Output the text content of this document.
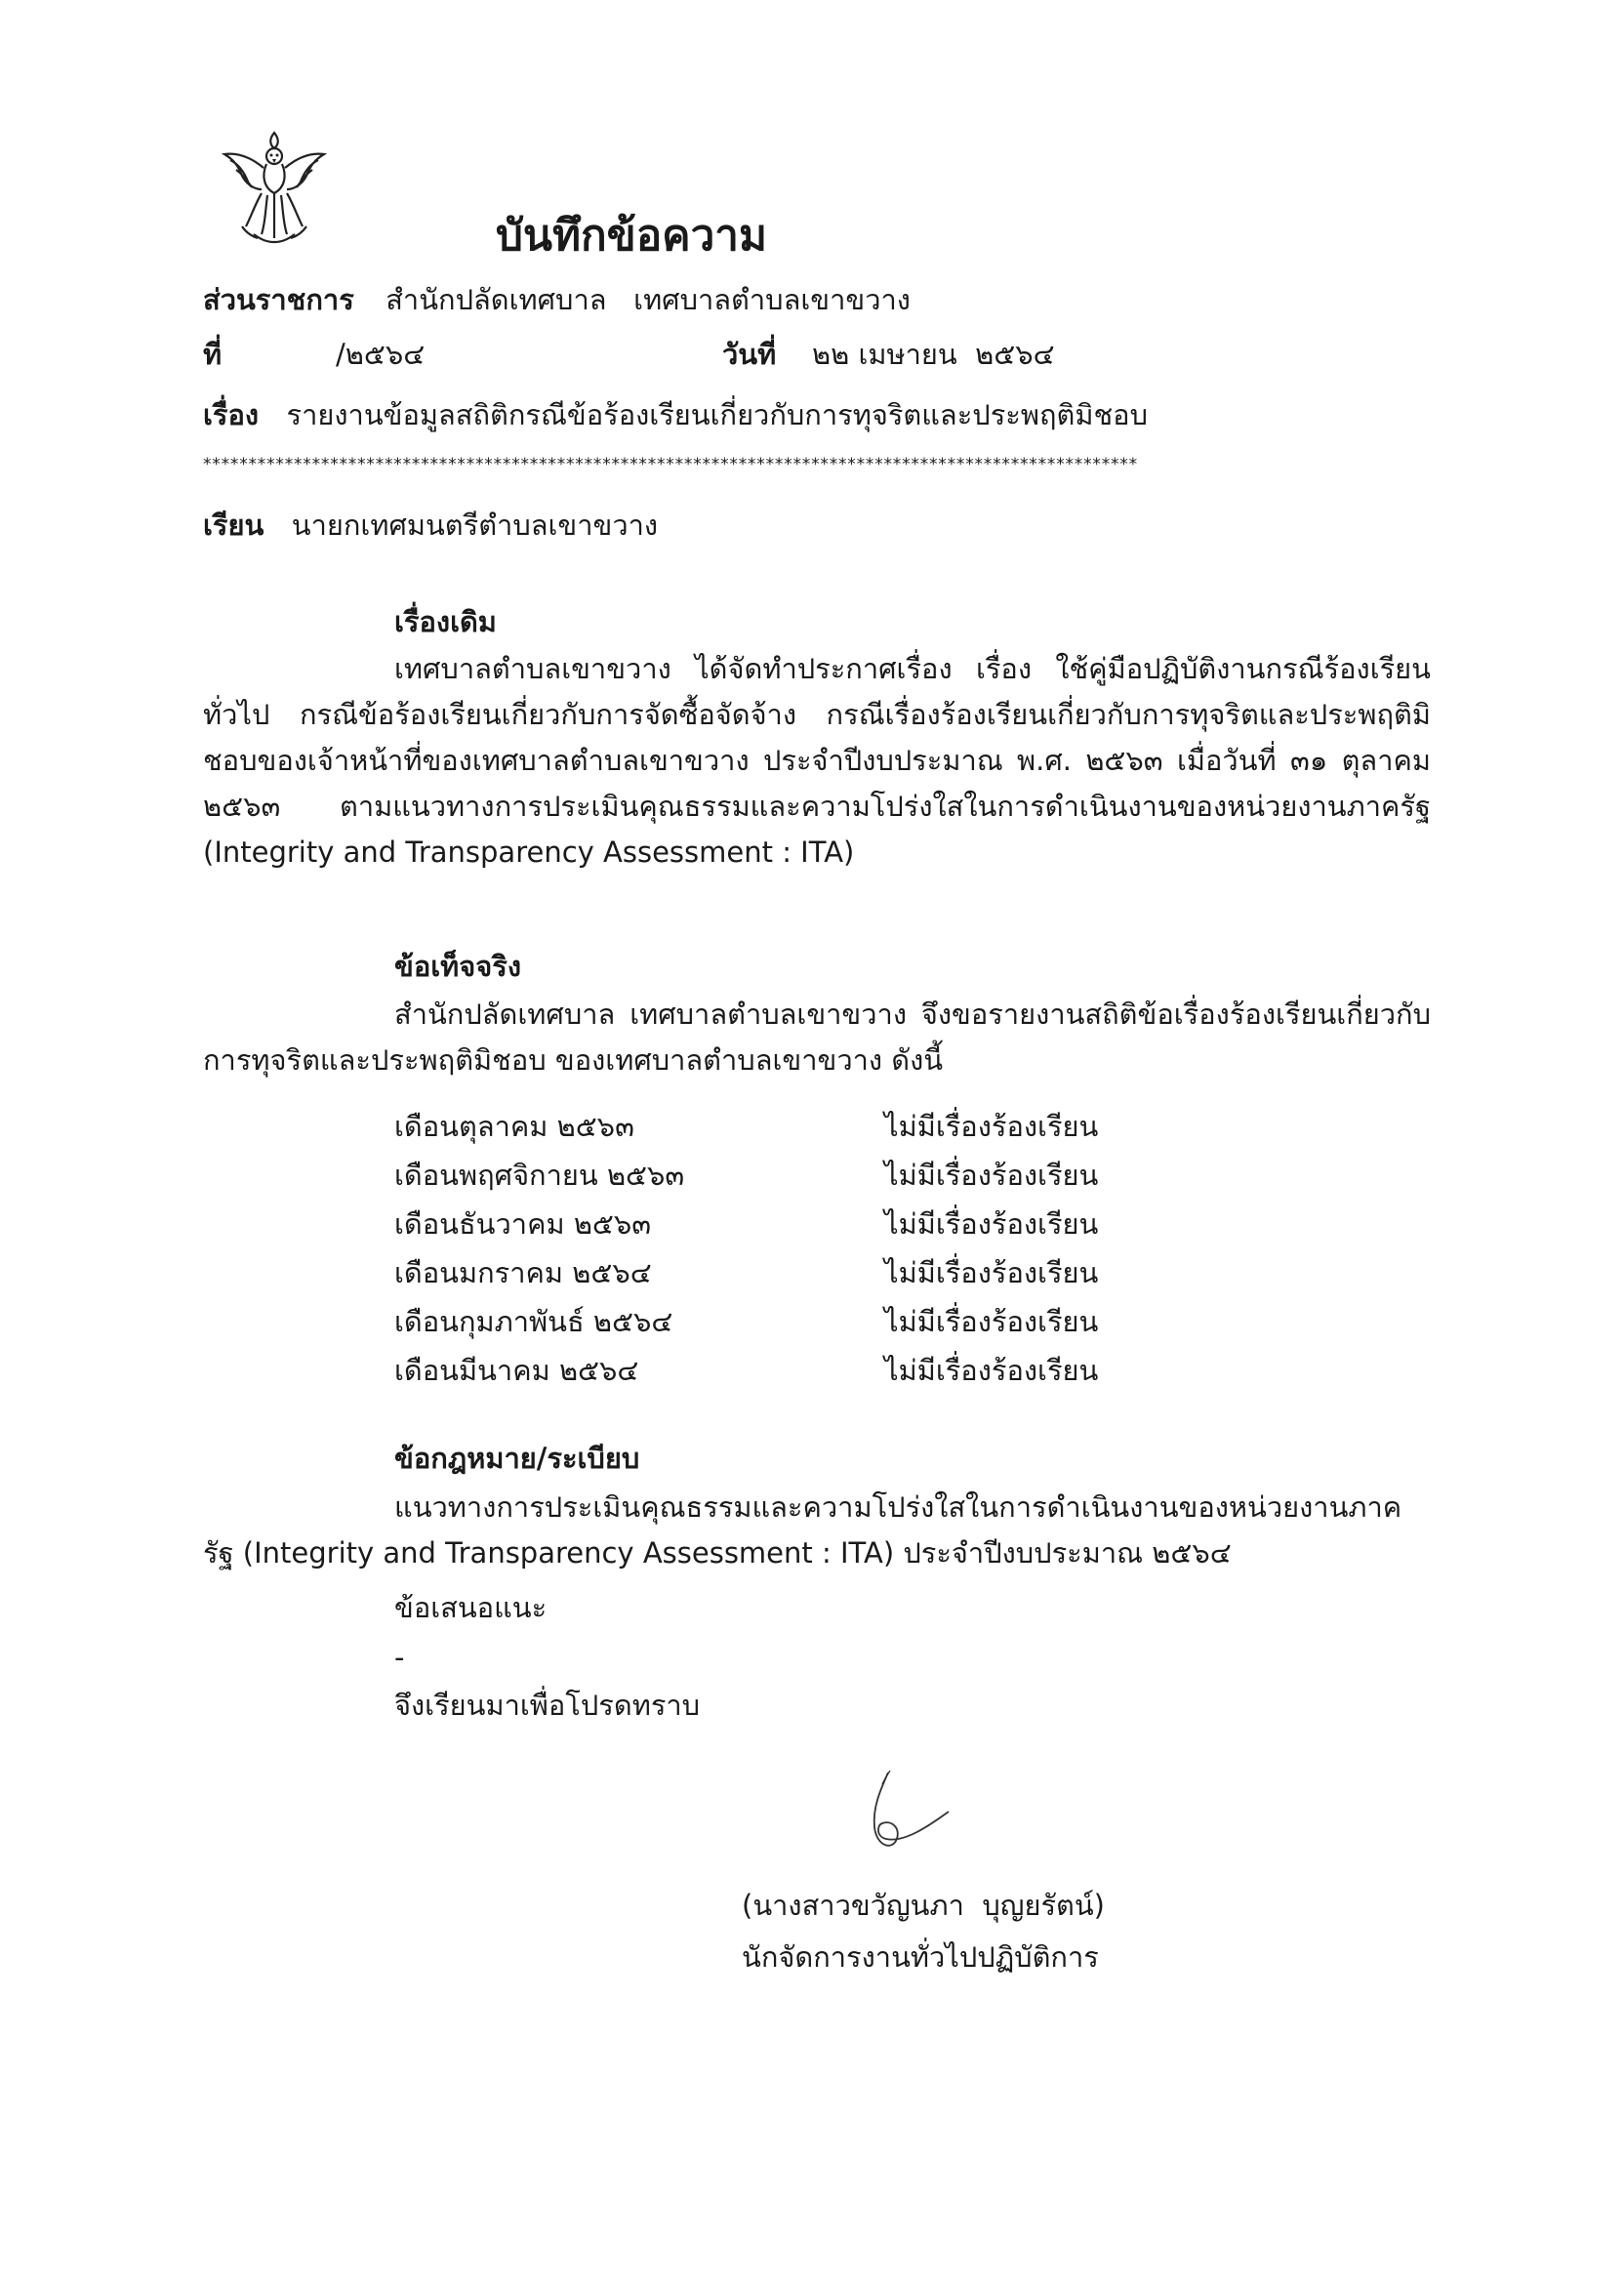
บันทึกข้อความ
ส่วนราชการ สำนักปลัดเทศบาล   เทศบาลตำบลเขาขวาง
ที่	/๒๕๖๔	วันที่ ๒๒ เมษายน  ๒๕๖๔
เรื่อง รายงานข้อมูลสถิติกรณีข้อร้องเรียนเกี่ยวกับการทุจริตและประพฤติมิชอบ
*******************************************************************************************************
เรียน นายกเทศมนตรีตำบลเขาขวาง
เรื่องเดิม
เทศบาลตำบลเขาขวาง ได้จัดทำประกาศเรื่อง เรื่อง ใช้คู่มือปฏิบัติงานกรณีร้องเรียนทั่วไป กรณีข้อร้องเรียนเกี่ยวกับการจัดซื้อจัดจ้าง กรณีเรื่องร้องเรียนเกี่ยวกับการทุจริตและประพฤติมิชอบของเจ้าหน้าที่ของเทศบาลตำบลเขาขวาง ประจำปีงบประมาณ พ.ศ. ๒๕๖๓ เมื่อวันที่ ๓๑ ตุลาคม ๒๕๖๓ ตามแนวทางการประเมินคุณธรรมและความโปร่งใสในการดำเนินงานของหน่วยงานภาครัฐ (Integrity and Transparency Assessment : ITA)
ข้อเท็จจริง
สำนักปลัดเทศบาล เทศบาลตำบลเขาขวาง จึงขอรายงานสถิติข้อเรื่องร้องเรียนเกี่ยวกับการทุจริตและประพฤติมิชอบ ของเทศบาลตำบลเขาขวาง ดังนี้
เดือนตุลาคม ๒๕๖๓	ไม่มีเรื่องร้องเรียน
เดือนพฤศจิกายน ๒๕๖๓	ไม่มีเรื่องร้องเรียน
เดือนธันวาคม ๒๕๖๓	ไม่มีเรื่องร้องเรียน
เดือนมกราคม ๒๕๖๔	ไม่มีเรื่องร้องเรียน
เดือนกุมภาพันธ์ ๒๕๖๔	ไม่มีเรื่องร้องเรียน
เดือนมีนาคม ๒๕๖๔	ไม่มีเรื่องร้องเรียน
ข้อกฎหมาย/ระเบียบ
แนวทางการประเมินคุณธรรมและความโปร่งใสในการดำเนินงานของหน่วยงานภาครัฐ (Integrity and Transparency Assessment : ITA) ประจำปีงบประมาณ ๒๕๖๔
ข้อเสนอแนะ
-
จึงเรียนมาเพื่อโปรดทราบ
(นางสาวขวัญนภา  บุญยรัตน์)
นักจัดการงานทั่วไปปฏิบัติการ
